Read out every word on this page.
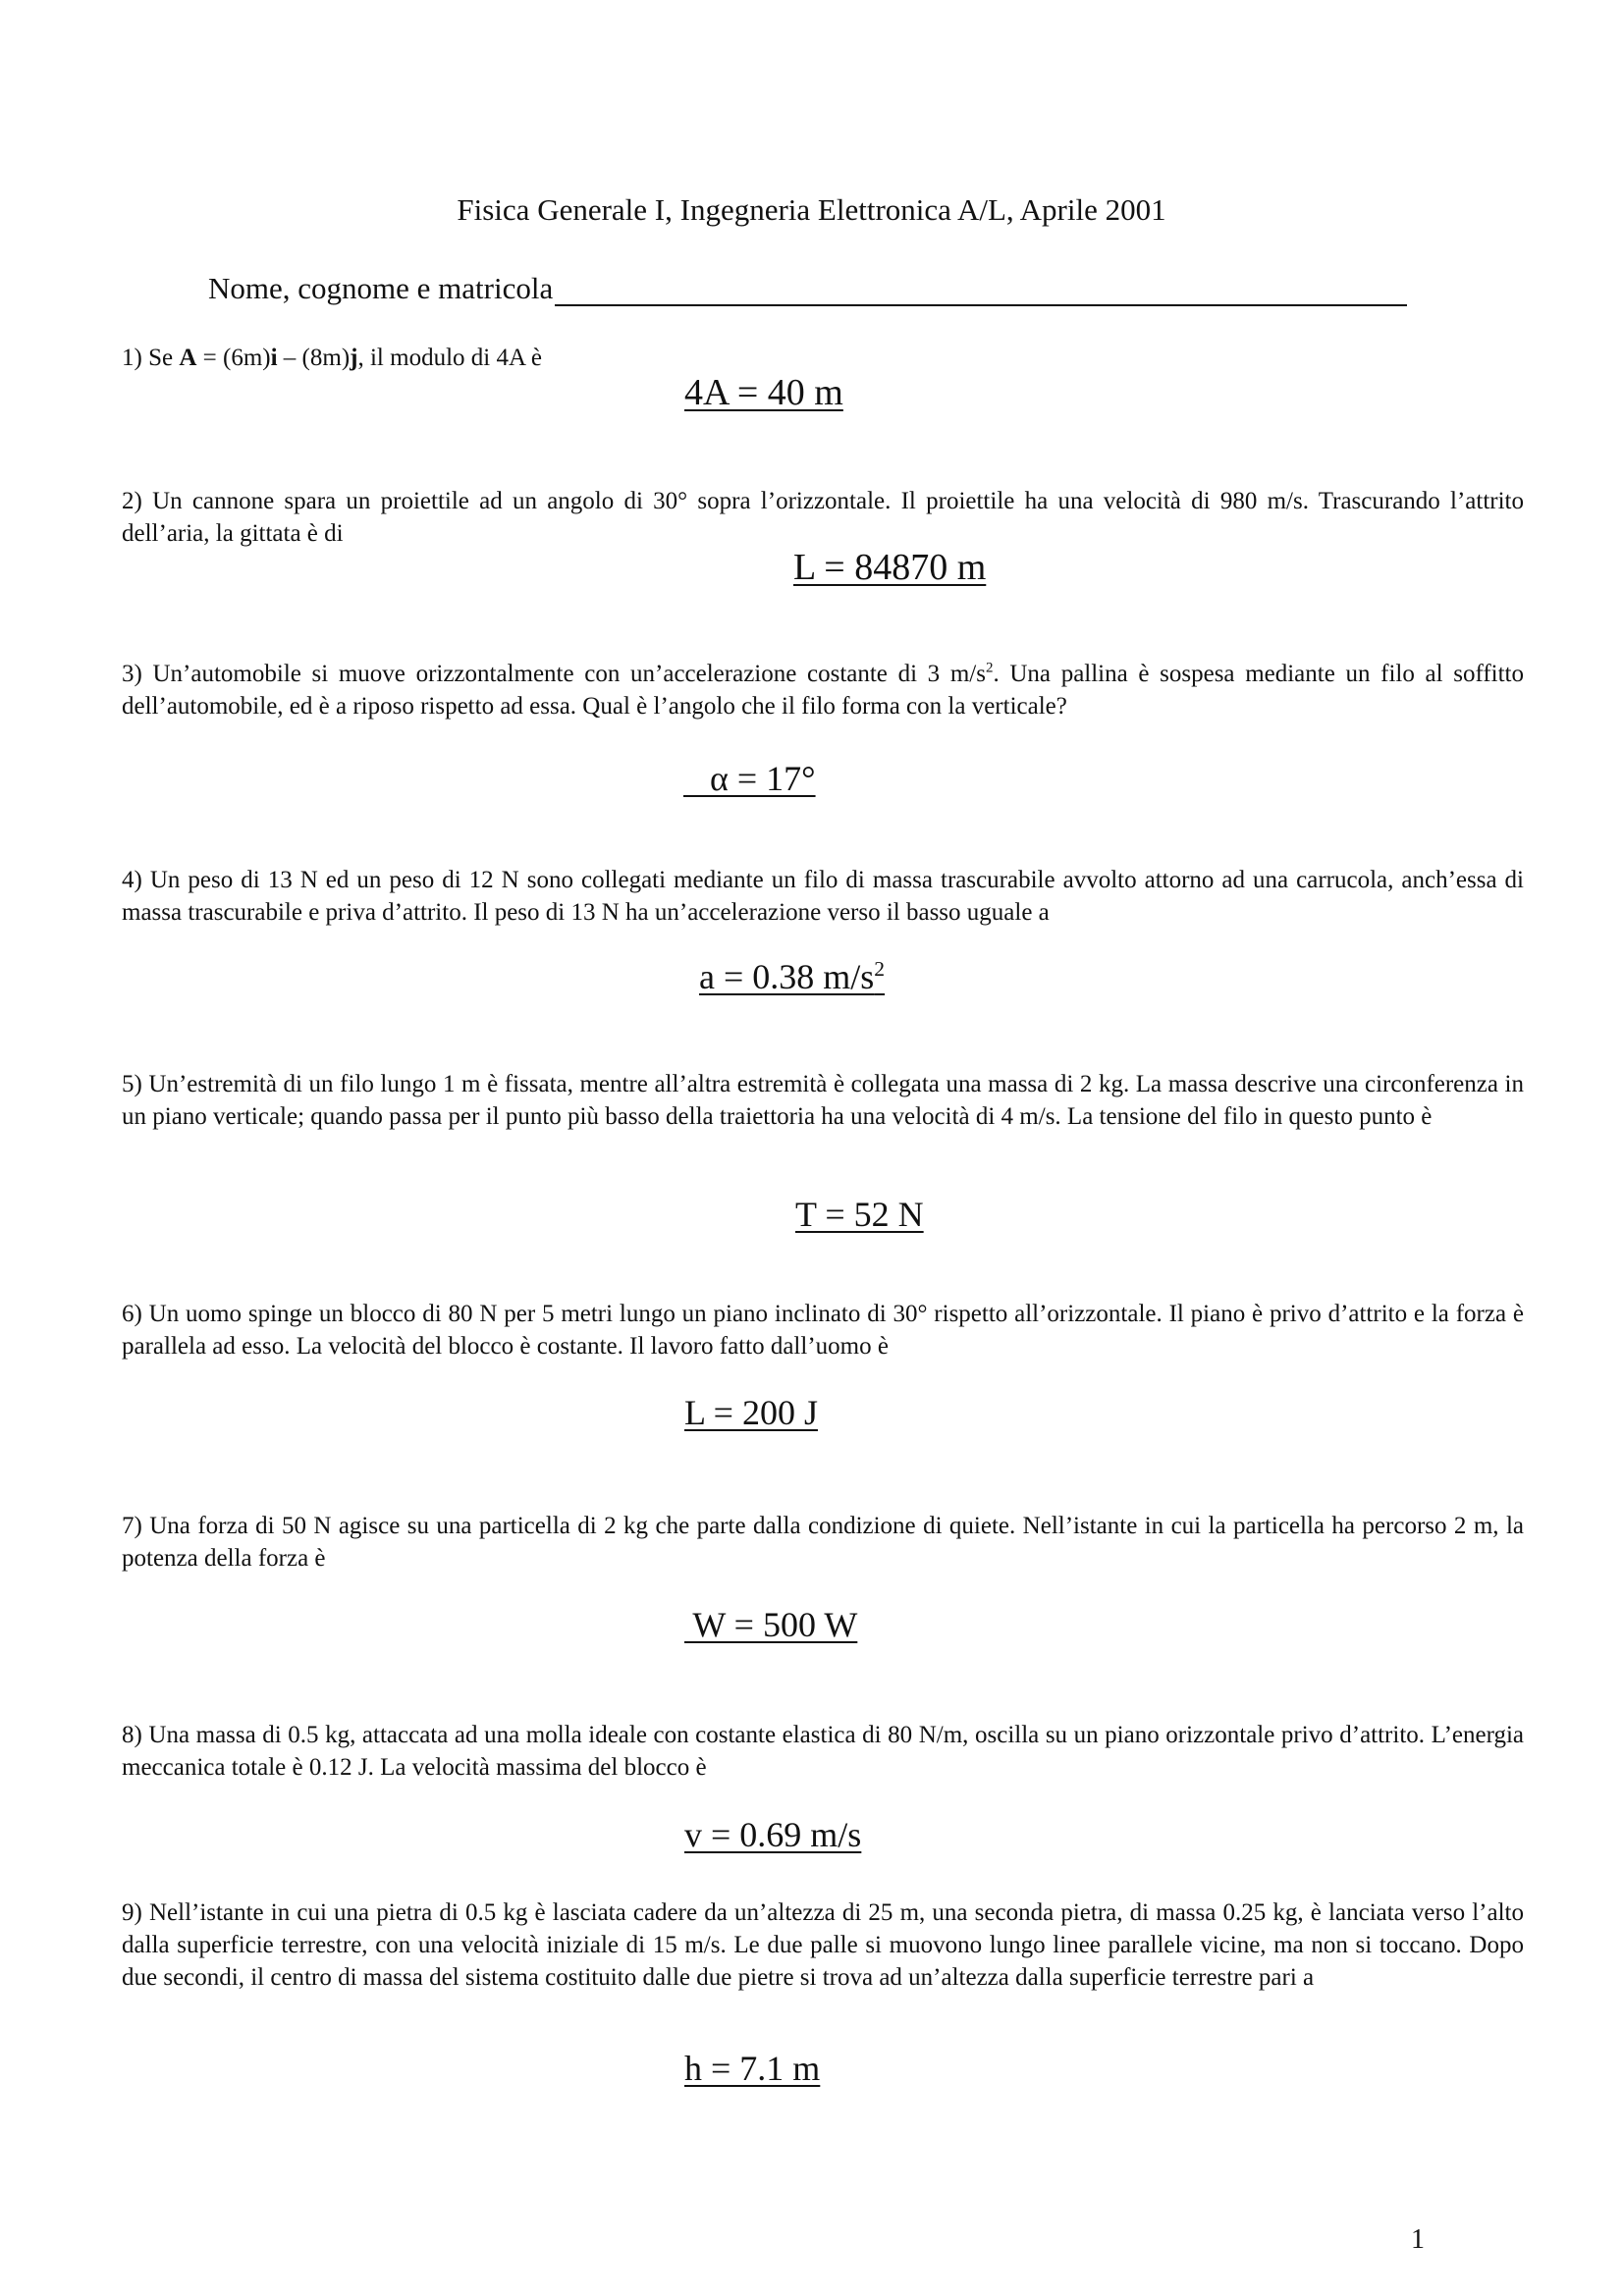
Fisica Generale I, Ingegneria Elettronica A/L, Aprile 2001
Nome, cognome e matricola
1) Se A = (6m)i – (8m)j, il modulo di 4A è
4A = 40 m
2) Un cannone spara un proiettile ad un angolo di 30° sopra l’orizzontale. Il proiettile ha una velocità di 980 m/s. Trascurando l’attrito dell’aria, la gittata è di
L = 84870 m
3) Un’automobile si muove orizzontalmente con un’accelerazione costante di 3 $m/s^2$. Una pallina è sospesa mediante un filo al soffitto dell’automobile, ed è a riposo rispetto ad essa. Qual è l’angolo che il filo forma con la verticale?
α = 17°
4) Un peso di 13 N ed un peso di 12 N sono collegati mediante un filo di massa trascurabile avvolto attorno ad una carrucola, anch’essa di massa trascurabile e priva d’attrito. Il peso di 13 N ha un’accelerazione verso il basso uguale a
a = 0.38 $m/s^2$
5) Un’estremità di un filo lungo 1 m è fissata, mentre all’altra estremità è collegata una massa di 2 kg. La massa descrive una circonferenza in un piano verticale; quando passa per il punto più basso della traiettoria ha una velocità di 4 m/s. La tensione del filo in questo punto è
T = 52 N
6) Un uomo spinge un blocco di 80 N per 5 metri lungo un piano inclinato di 30° rispetto all’orizzontale. Il piano è privo d’attrito e la forza è parallela ad esso. La velocità del blocco è costante. Il lavoro fatto dall’uomo è
L = 200 J
7) Una forza di 50 N agisce su una particella di 2 kg che parte dalla condizione di quiete. Nell’istante in cui la particella ha percorso 2 m, la potenza della forza è
W = 500 W
8) Una massa di 0.5 kg, attaccata ad una molla ideale con costante elastica di 80 N/m, oscilla su un piano orizzontale privo d’attrito. L’energia meccanica totale è 0.12 J. La velocità massima del blocco è
v = 0.69 m/s
9) Nell’istante in cui una pietra di 0.5 kg è lasciata cadere da un’altezza di 25 m, una seconda pietra, di massa 0.25 kg, è lanciata verso l’alto dalla superficie terrestre, con una velocità iniziale di 15 m/s. Le due palle si muovono lungo linee parallele vicine, ma non si toccano. Dopo due secondi, il centro di massa del sistema costituito dalle due pietre si trova ad un’altezza dalla superficie terrestre pari a
h = 7.1 m
1
